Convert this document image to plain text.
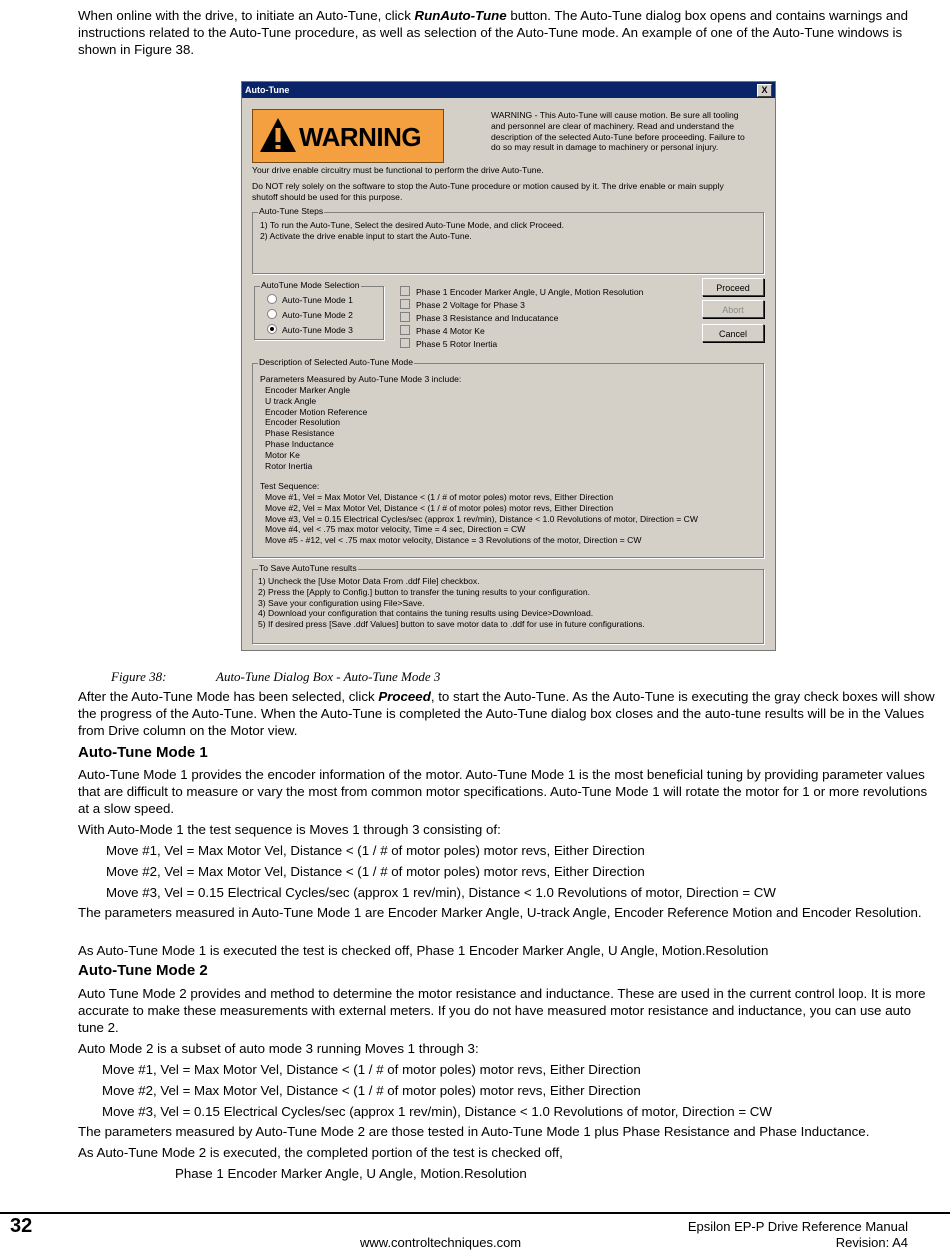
When online with the drive, to initiate an Auto-Tune, click RunAuto-Tune button. The Auto-Tune dialog box opens and contains warnings and instructions related to the Auto-Tune procedure, as well as selection of the Auto-Tune mode. An example of one of the Auto-Tune windows is shown in Figure 38.

Auto-Tune	X
WARNING
WARNING - This Auto-Tune will cause motion. Be sure all tooling
and personnel are clear of machinery. Read and understand the
description of the selected Auto-Tune before proceeding. Failure to
do so may result in damage to machinery or personal injury.
Your drive enable circuitry must be functional to perform the drive Auto-Tune.
Do NOT rely solely on the software to stop the Auto-Tune procedure or motion caused by it. The drive enable or main supply
shutoff should be used for this purpose.
Auto-Tune Steps
1) To run the Auto-Tune, Select the desired Auto-Tune Mode, and click Proceed.
2) Activate the drive enable input to start the Auto-Tune.
AutoTune Mode Selection
Auto-Tune Mode 1
Auto-Tune Mode 2
Auto-Tune Mode 3
Phase 1 Encoder Marker Angle, U Angle, Motion Resolution
Phase 2 Voltage for Phase 3
Phase 3 Resistance and Inducatance
Phase 4 Motor Ke
Phase 5 Rotor Inertia
Proceed
Abort
Cancel
Description of Selected Auto-Tune Mode
Parameters Measured by Auto-Tune Mode 3 include:
Encoder Marker Angle
U track Angle
Encoder Motion Reference
Encoder Resolution
Phase Resistance
Phase Inductance
Motor Ke
Rotor Inertia
Test Sequence:
Move #1, Vel = Max Motor Vel, Distance < (1 / # of motor poles) motor revs, Either Direction
Move #2, Vel = Max Motor Vel, Distance < (1 / # of motor poles) motor revs, Either Direction
Move #3, Vel = 0.15 Electrical Cycles/sec (approx 1 rev/min), Distance < 1.0 Revolutions of motor, Direction = CW
Move #4, vel < .75 max motor velocity, Time = 4 sec, Direction = CW
Move #5 - #12, vel < .75 max motor velocity, Distance = 3 Revolutions of the motor, Direction = CW
To Save AutoTune results
1) Uncheck the [Use Motor Data From .ddf File] checkbox.
2) Press the [Apply to Config.] button to transfer the tuning results to your configuration.
3) Save your configuration using File>Save.
4) Download your configuration that contains the tuning results using Device>Download.
5) If desired press [Save .ddf Values] button to save motor data to .ddf for use in future configurations.
Figure 38:	Auto-Tune Dialog Box - Auto-Tune Mode 3

After the Auto-Tune Mode has been selected, click Proceed, to start the Auto-Tune. As the Auto-Tune is executing the gray check boxes will show the progress of the Auto-Tune. When the Auto-Tune is completed the Auto-Tune dialog box closes and the auto-tune results will be in the Values from Drive column on the Motor view.

Auto-Tune Mode 1

Auto-Tune Mode 1 provides the encoder information of the motor. Auto-Tune Mode 1 is the most beneficial tuning by providing parameter values that are difficult to measure or vary the most from common motor specifications. Auto-Tune Mode 1 will rotate the motor for 1 or more revolutions at a slow speed.

With Auto-Mode 1 the test sequence is Moves 1 through 3 consisting of:

Move #1, Vel = Max Motor Vel, Distance < (1 / # of motor poles) motor revs, Either Direction
Move #2, Vel = Max Motor Vel, Distance < (1 / # of motor poles) motor revs, Either Direction
Move #3, Vel = 0.15 Electrical Cycles/sec (approx 1 rev/min), Distance < 1.0 Revolutions of motor, Direction = CW

The parameters measured in Auto-Tune Mode 1 are Encoder Marker Angle, U-track Angle, Encoder Reference Motion and Encoder Resolution.

As Auto-Tune Mode 1 is executed the test is checked off, Phase 1 Encoder Marker Angle, U Angle, Motion.Resolution

Auto-Tune Mode 2

Auto Tune Mode 2 provides and method to determine the motor resistance and inductance. These are used in the current control loop. It is more accurate to make these measurements with external meters. If you do not have measured motor resistance and inductance, you can use auto tune 2.

Auto Mode 2 is a subset of auto mode 3 running Moves 1 through 3:

Move #1, Vel = Max Motor Vel, Distance < (1 / # of motor poles) motor revs, Either Direction
Move #2, Vel = Max Motor Vel, Distance < (1 / # of motor poles) motor revs, Either Direction
Move #3, Vel = 0.15 Electrical Cycles/sec (approx 1 rev/min), Distance < 1.0 Revolutions of motor, Direction = CW

The parameters measured by Auto-Tune Mode 2 are those tested in Auto-Tune Mode 1 plus Phase Resistance and Phase Inductance.

As Auto-Tune Mode 2 is executed, the completed portion of the test is checked off,

Phase 1 Encoder Marker Angle, U Angle, Motion.Resolution
32	Epsilon EP-P Drive Reference Manual
www.controltechniques.com	Revision: A4
